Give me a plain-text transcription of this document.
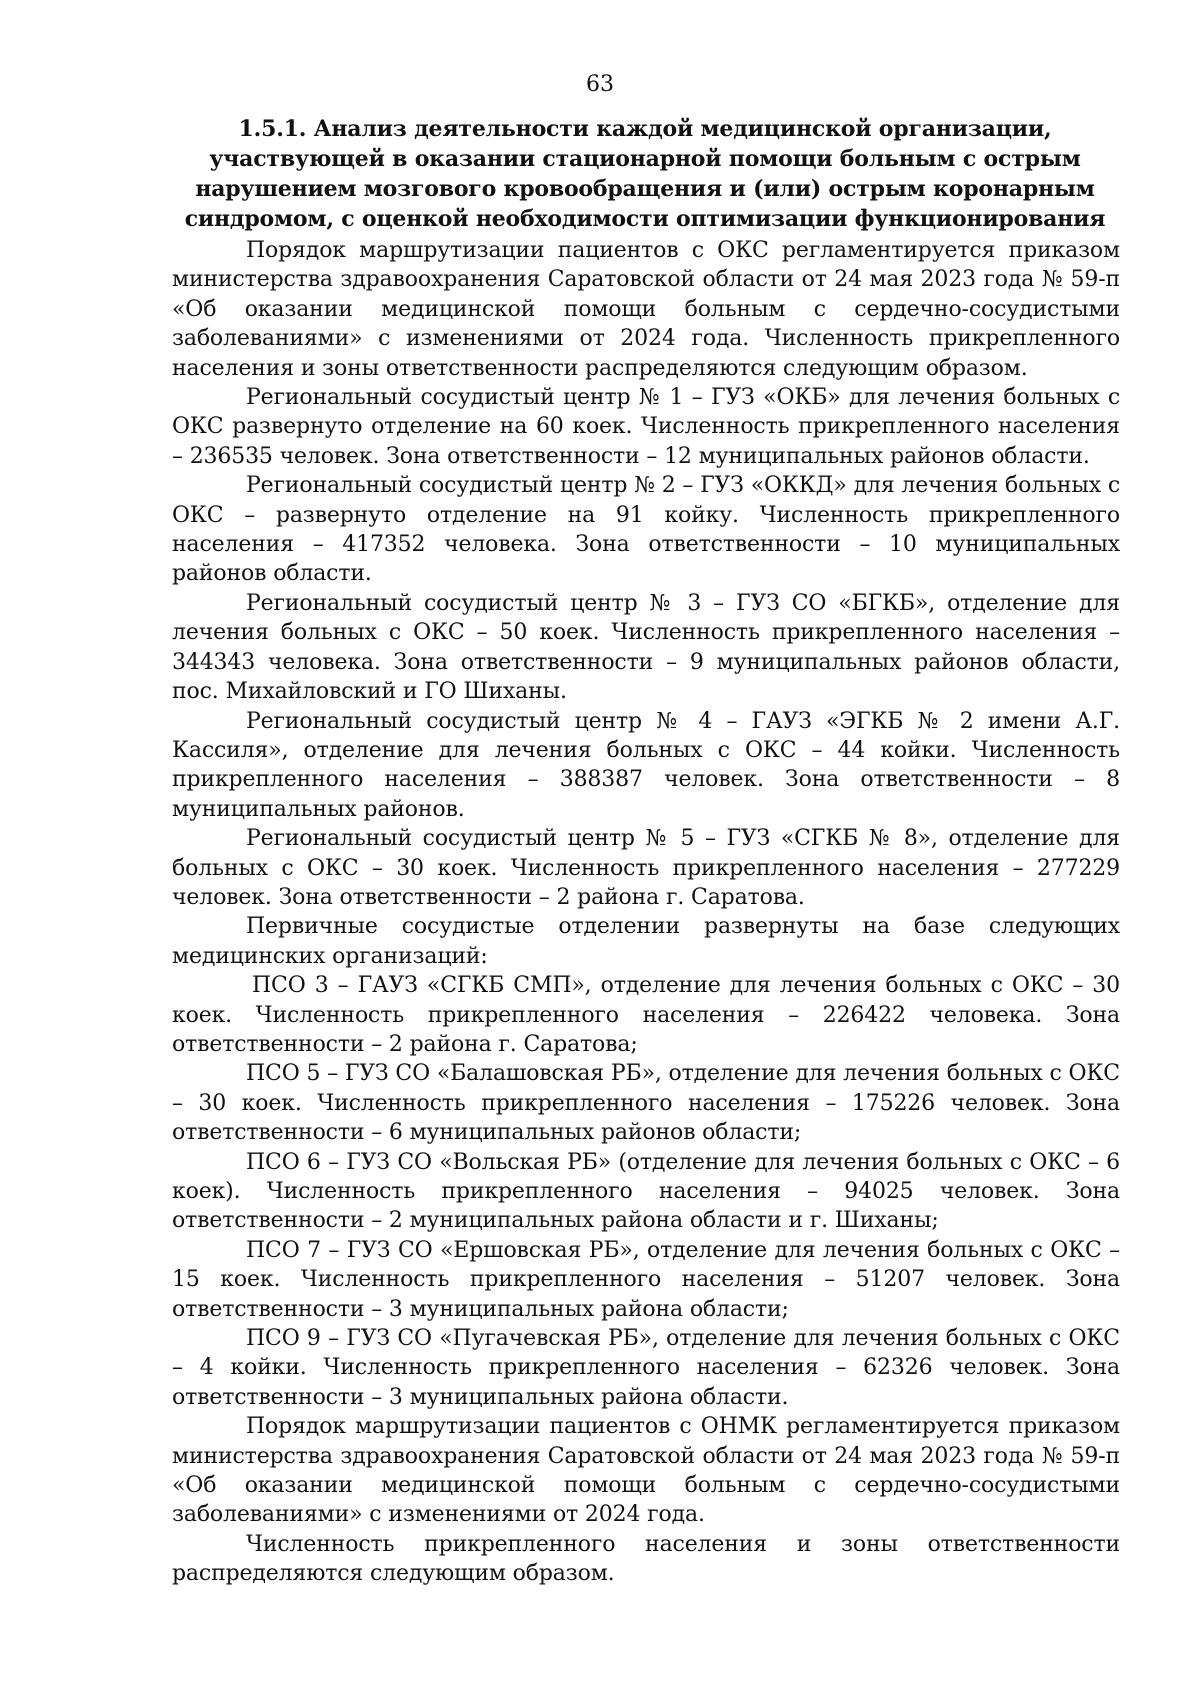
63
1.5.1. Анализ деятельности каждой медицинской организации, участвующей в оказании стационарной помощи больным с острым нарушением мозгового кровообращения и (или) острым коронарным синдромом, с оценкой необходимости оптимизации функционирования

Порядок маршрутизации пациентов с ОКС регламентируется приказом министерства здравоохранения Саратовской области от 24 мая 2023 года № 59-п «Об оказании медицинской помощи больным с сердечно-сосудистыми заболеваниями» с изменениями от 2024 года. Численность прикрепленного населения и зоны ответственности распределяются следующим образом.

Региональный сосудистый центр № 1 – ГУЗ «ОКБ» для лечения больных с ОКС развернуто отделение на 60 коек. Численность прикрепленного населения – 236535 человек. Зона ответственности – 12 муниципальных районов области.

Региональный сосудистый центр № 2 – ГУЗ «ОККД» для лечения больных с ОКС – развернуто отделение на 91 койку. Численность прикрепленного населения – 417352 человека. Зона ответственности – 10 муниципальных районов области.

Региональный сосудистый центр № 3 – ГУЗ СО «БГКБ», отделение для лечения больных с ОКС – 50 коек. Численность прикрепленного населения – 344343 человека. Зона ответственности – 9 муниципальных районов области, пос. Михайловский и ГО Шиханы.

Региональный сосудистый центр № 4 – ГАУЗ «ЭГКБ № 2 имени А.Г. Кассиля», отделение для лечения больных с ОКС – 44 койки. Численность прикрепленного населения – 388387 человек. Зона ответственности – 8 муниципальных районов.

Региональный сосудистый центр № 5 – ГУЗ «СГКБ № 8», отделение для больных с ОКС – 30 коек. Численность прикрепленного населения – 277229 человек. Зона ответственности – 2 района г. Саратова.

Первичные сосудистые отделении развернуты на базе следующих медицинских организаций:

ПСО 3 – ГАУЗ «СГКБ СМП», отделение для лечения больных с ОКС – 30 коек. Численность прикрепленного населения – 226422 человека. Зона ответственности – 2 района г. Саратова;

ПСО 5 – ГУЗ СО «Балашовская РБ», отделение для лечения больных с ОКС – 30 коек. Численность прикрепленного населения – 175226 человек. Зона ответственности – 6 муниципальных районов области;

ПСО 6 – ГУЗ СО «Вольская РБ» (отделение для лечения больных с ОКС – 6 коек). Численность прикрепленного населения – 94025 человек. Зона ответственности – 2 муниципальных района области и г. Шиханы;

ПСО 7 – ГУЗ СО «Ершовская РБ», отделение для лечения больных с ОКС – 15 коек. Численность прикрепленного населения – 51207 человек. Зона ответственности – 3 муниципальных района области;

ПСО 9 – ГУЗ СО «Пугачевская РБ», отделение для лечения больных с ОКС – 4 койки. Численность прикрепленного населения – 62326 человек. Зона ответственности – 3 муниципальных района области.

Порядок маршрутизации пациентов с ОНМК регламентируется приказом министерства здравоохранения Саратовской области от 24 мая 2023 года № 59-п «Об оказании медицинской помощи больным с сердечно-сосудистыми заболеваниями» с изменениями от 2024 года.

Численность прикрепленного населения и зоны ответственности распределяются следующим образом.
